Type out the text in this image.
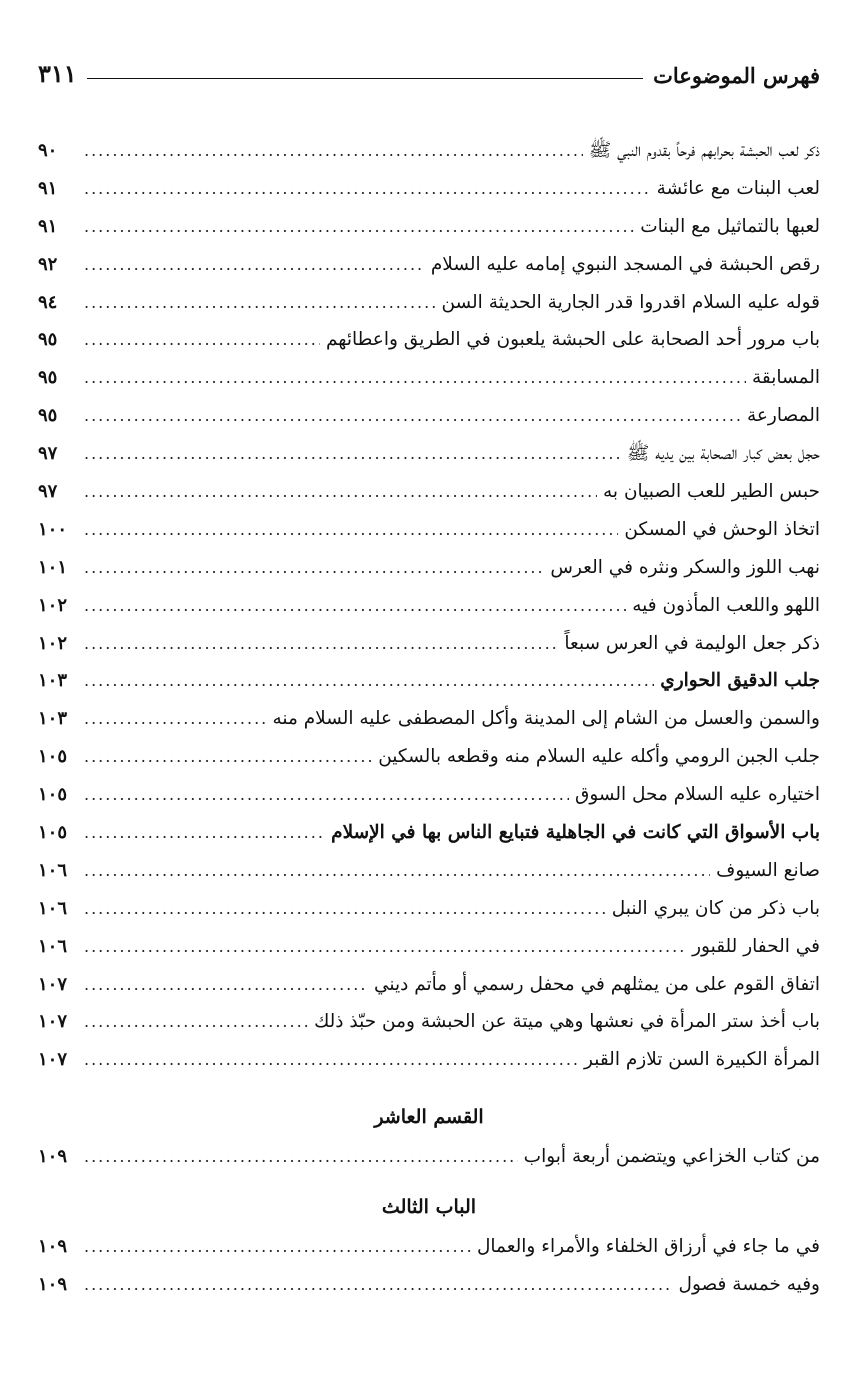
فهرس الموضوعات
٣١١
ذكر لعب الحبشة بحرابهم فرحاً بقدوم النبي ﷺ
.....
٩٠
لعب البنات مع عائشة
.....
٩١
لعبها بالتماثيل مع البنات
.....
٩١
رقص الحبشة في المسجد النبوي إمامه عليه السلام
.....
٩٢
قوله عليه السلام اقدروا قدر الجارية الحديثة السن
.....
٩٤
باب مرور أحد الصحابة على الحبشة يلعبون في الطريق واعطائهم
.....
٩٥
المسابقة
.....
٩٥
المصارعة
.....
٩٥
حجل بعض كبار الصحابة بين يديه ﷺ
.....
٩٧
حبس الطير للعب الصبيان به
.....
٩٧
اتخاذ الوحش في المسكن
.....
١٠٠
نهب اللوز والسكر ونثره في العرس
.....
١٠١
اللهو واللعب المأذون فيه
.....
١٠٢
ذكر جعل الوليمة في العرس سبعاً
.....
١٠٢
جلب الدقيق الحواري
.....
١٠٣
والسمن والعسل من الشام إلى المدينة وأكل المصطفى عليه السلام منه
.....
١٠٣
جلب الجبن الرومي وأكله عليه السلام منه وقطعه بالسكين
.....
١٠٥
اختياره عليه السلام محل السوق
.....
١٠٥
باب الأسواق التي كانت في الجاهلية فتبايع الناس بها في الإسلام
.....
١٠٥
صانع السيوف
.....
١٠٦
باب ذكر من كان يبري النبل
.....
١٠٦
في الحفار للقبور
.....
١٠٦
اتفاق القوم على من يمثلهم في محفل رسمي أو مأتم ديني
.....
١٠٧
باب أخذ ستر المرأة في نعشها وهي ميتة عن الحبشة ومن حبّذ ذلك
.....
١٠٧
المرأة الكبيرة السن تلازم القبر
.....
١٠٧
القسم العاشر
من كتاب الخزاعي ويتضمن أربعة أبواب
.....
١٠٩
الباب الثالث
في ما جاء في أرزاق الخلفاء والأمراء والعمال
.....
١٠٩
وفيه خمسة فصول
.....
١٠٩
